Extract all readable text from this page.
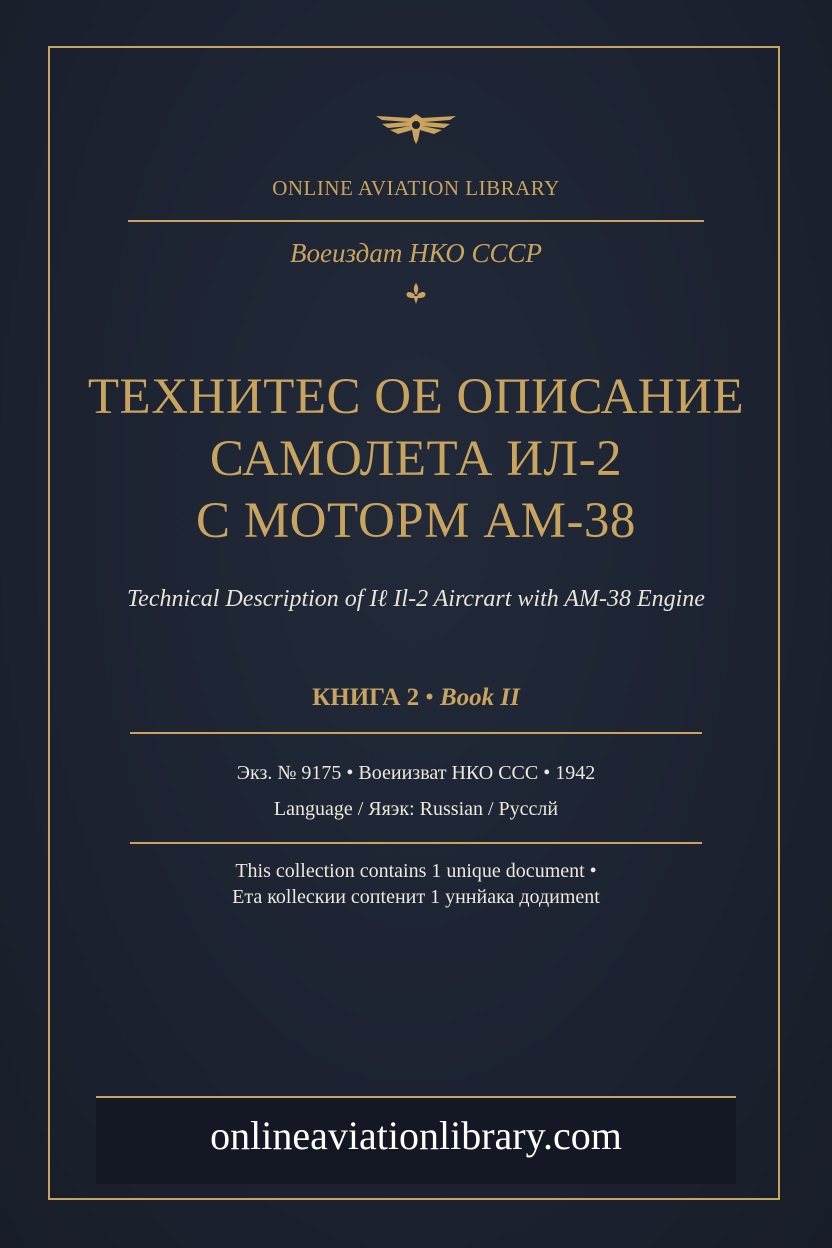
ONLINE AVIATION LIBRARY
Воеиздат НКО СССР
ТЕХНИТЕС ОЕ ОПИСАНИЕ
САМОЛЕТА ИЛ-2
С МОТОРМ АМ-38
Technical Description of Iℓ Il-2 Aircrart with AM-38 Engine
КНИГА 2 • Book II
Экз. № 9175 • Воеиизват НКО ССС • 1942
Language / Яяэк: Russian / Русслй
This collection contains 1 unique document •
Ета коlleскии сопtенит 1 уннйака додиment
onlineaviationlibrary.com
